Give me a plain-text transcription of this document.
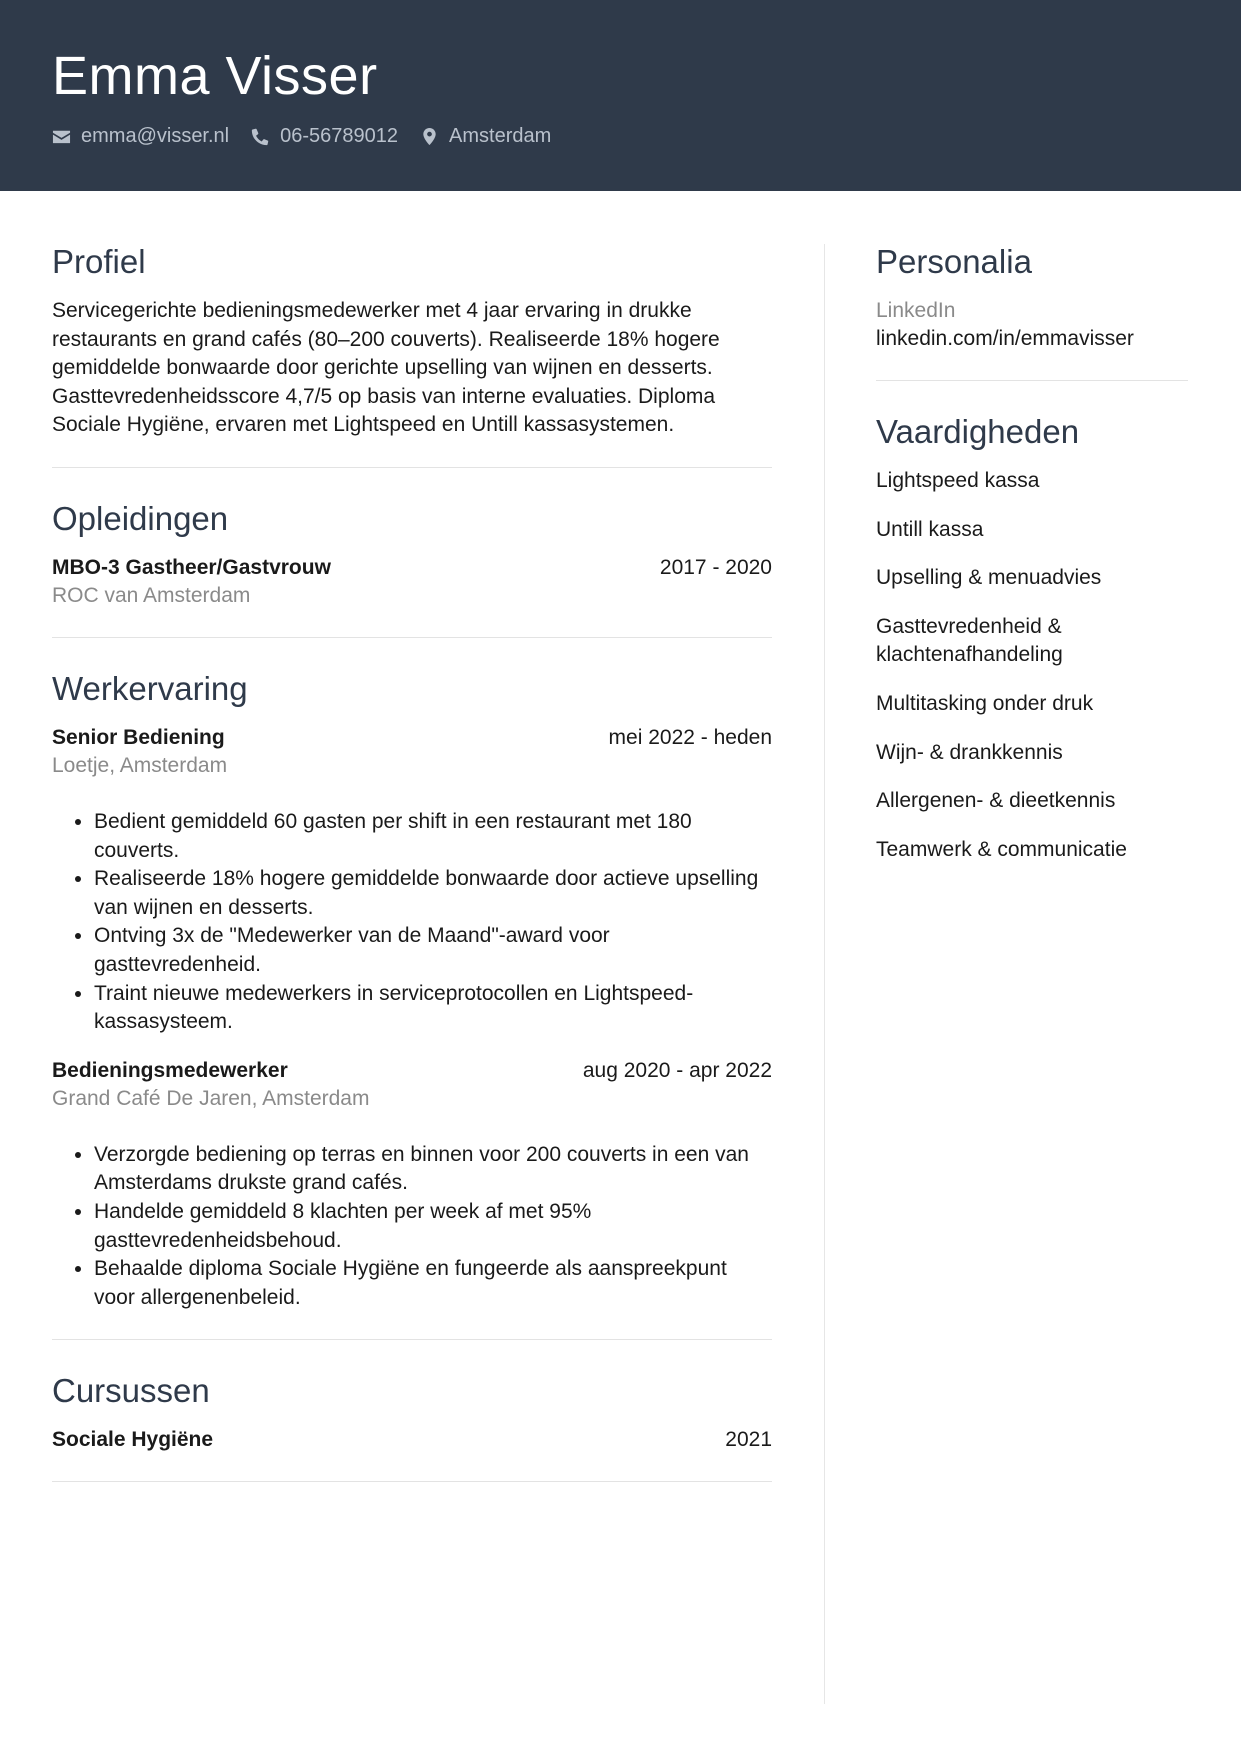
Emma Visser
emma@visser.nl	06-56789012	Amsterdam
Profiel

Servicegerichte bedieningsmedewerker met 4 jaar ervaring in drukke restaurants en grand cafés (80–200 couverts). Realiseerde 18% hogere gemiddelde bonwaarde door gerichte upselling van wijnen en desserts. Gasttevredenheidsscore 4,7/5 op basis van interne evaluaties. Diploma Sociale Hygiëne, ervaren met Lightspeed en Untill kassasystemen.

Opleidingen
MBO-3 Gastheer/Gastvrouw	2017 - 2020
ROC van Amsterdam
Werkervaring
Senior Bediening	mei 2022 - heden
Loetje, Amsterdam
• Bedient gemiddeld 60 gasten per shift in een restaurant met 180 couverts.
• Realiseerde 18% hogere gemiddelde bonwaarde door actieve upselling van wijnen en desserts.
• Ontving 3x de "Medewerker van de Maand"-award voor gasttevredenheid.
• Traint nieuwe medewerkers in serviceprotocollen en Lightspeed-kassasysteem.
Bedieningsmedewerker	aug 2020 - apr 2022
Grand Café De Jaren, Amsterdam
• Verzorgde bediening op terras en binnen voor 200 couverts in een van Amsterdams drukste grand cafés.
• Handelde gemiddeld 8 klachten per week af met 95% gasttevredenheidsbehoud.
• Behaalde diploma Sociale Hygiëne en fungeerde als aanspreekpunt voor allergenenbeleid.
Cursussen
Sociale Hygiëne	2021
Personalia
LinkedIn
linkedin.com/in/emmavisser
Vaardigheden
Lightspeed kassa
Untill kassa
Upselling & menuadvies
Gasttevredenheid & klachtenafhandeling
Multitasking onder druk
Wijn- & drankkennis
Allergenen- & dieetkennis
Teamwerk & communicatie
